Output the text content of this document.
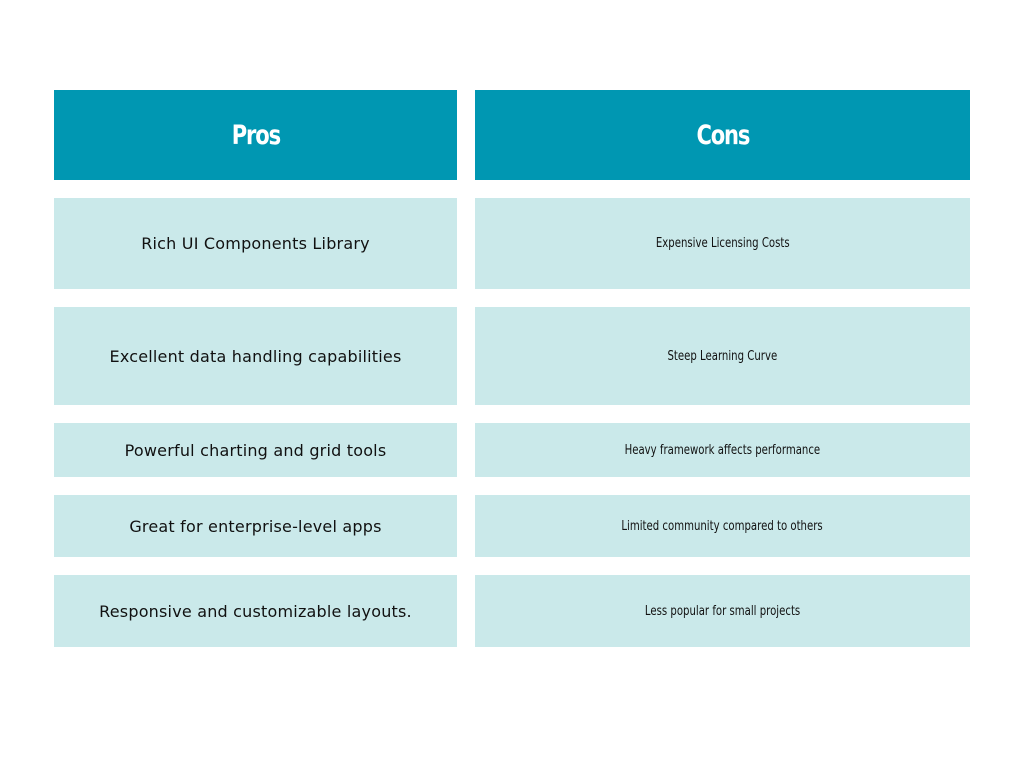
Pros	Cons
Rich UI Components Library	Expensive Licensing Costs
Excellent data handling capabilities	Steep Learning Curve
Powerful charting and grid tools	Heavy framework affects performance
Great for enterprise-level apps	Limited community compared to others
Responsive and customizable layouts.	Less popular for small projects
